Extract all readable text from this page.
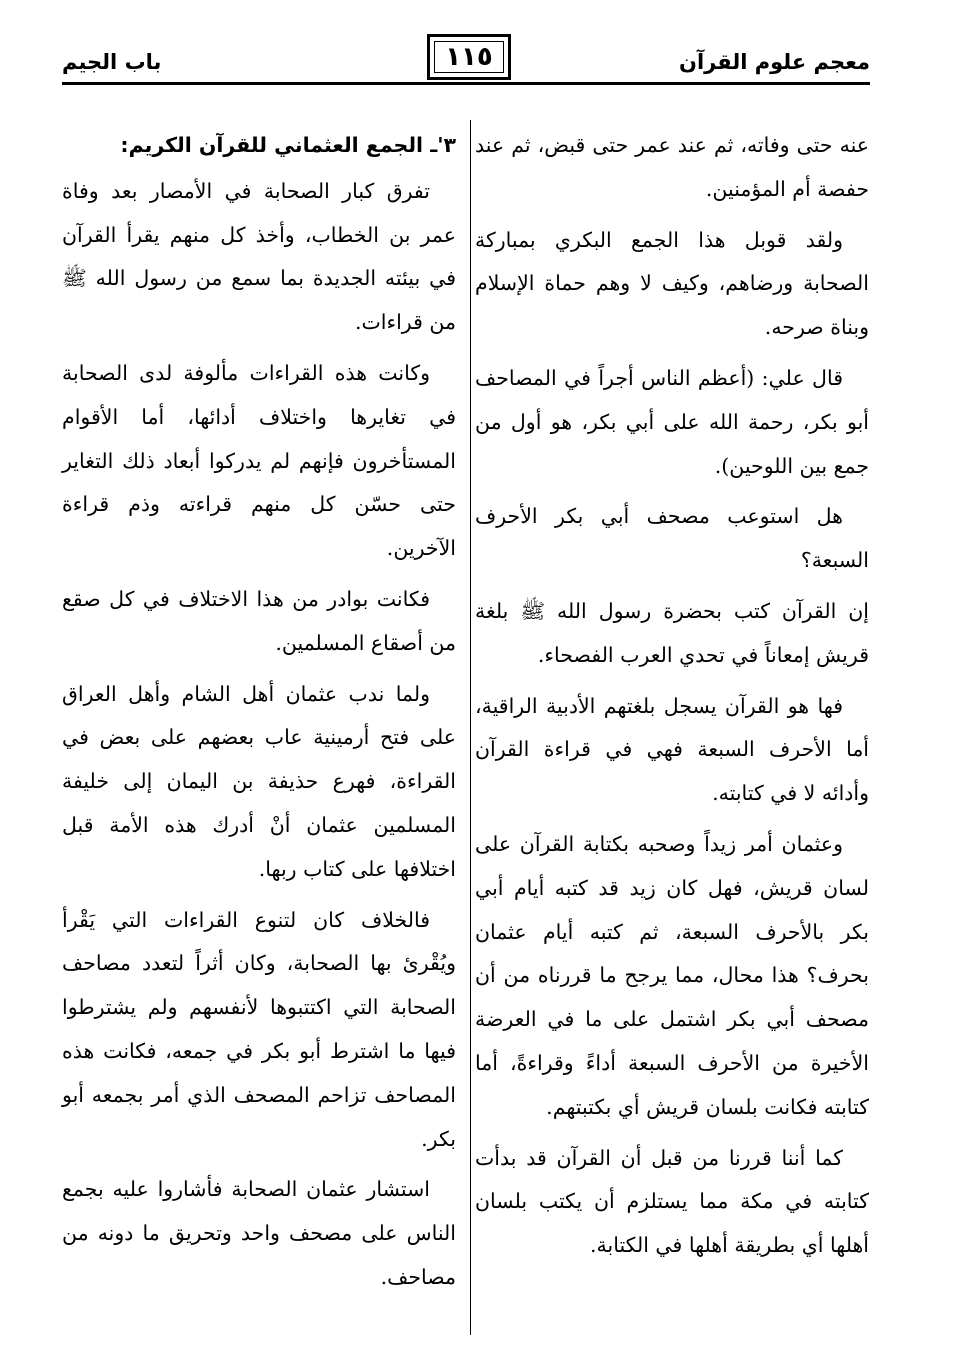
معجم علوم القرآن
١١٥
باب الجيم

عنه حتى وفاته، ثم عند عمر حتى قبض، ثم عند حفصة أم المؤمنين.

ولقد قوبل هذا الجمع البكري بمباركة الصحابة ورضاهم، وكيف لا وهم حماة الإسلام وبناة صرحه.

قال علي: (أعظم الناس أجراً في المصاحف أبو بكر، رحمة الله على أبي بكر، هو أول من جمع بين اللوحين).

هل استوعب مصحف أبي بكر الأحرف السبعة؟

إن القرآن كتب بحضرة رسول الله ﷺ بلغة قريش إمعاناً في تحدي العرب الفصحاء.

فها هو القرآن يسجل بلغتهم الأدبية الراقية، أما الأحرف السبعة فهي في قراءة القرآن وأدائه لا في كتابته.

وعثمان أمر زيداً وصحبه بكتابة القرآن على لسان قريش، فهل كان زيد قد كتبه أيام أبي بكر بالأحرف السبعة، ثم كتبه أيام عثمان بحرف؟ هذا محال، مما يرجح ما قررناه من أن مصحف أبي بكر اشتمل على ما في العرضة الأخيرة من الأحرف السبعة أداءً وقراءةً، أما كتابته فكانت بلسان قريش أي بكتبتهم.

كما أننا قررنا من قبل أن القرآن قد بدأت كتابته في مكة مما يستلزم أن يكتب بلسان أهلها أي بطريقة أهلها في الكتابة.

٣'ـ الجمع العثماني للقرآن الكريم:

تفرق كبار الصحابة في الأمصار بعد وفاة عمر بن الخطاب، وأخذ كل منهم يقرأ القرآن في بيئته الجديدة بما سمع من رسول الله ﷺ من قراءات.

وكانت هذه القراءات مألوفة لدى الصحابة في تغايرها واختلاف أدائها، أما الأقوام المستأخرون فإنهم لم يدركوا أبعاد ذلك التغاير حتى حسّن كل منهم قراءته وذم قراءة الآخرين.

فكانت بوادر من هذا الاختلاف في كل صقع من أصقاع المسلمين.

ولما ندب عثمان أهل الشام وأهل العراق على فتح أرمينية عاب بعضهم على بعض في القراءة، فهرع حذيفة بن اليمان إلى خليفة المسلمين عثمان أنْ أدرك هذه الأمة قبل اختلافها على كتاب ربها.

فالخلاف كان لتنوع القراءات التي يَقْرأ ويُقْرئ بها الصحابة، وكان أثراً لتعدد مصاحف الصحابة التي اكتتبوها لأنفسهم ولم يشترطوا فيها ما اشترط أبو بكر في جمعه، فكانت هذه المصاحف تزاحم المصحف الذي أمر بجمعه أبو بكر.

استشار عثمان الصحابة فأشاروا عليه بجمع الناس على مصحف واحد وتحريق ما دونه من مصاحف.
